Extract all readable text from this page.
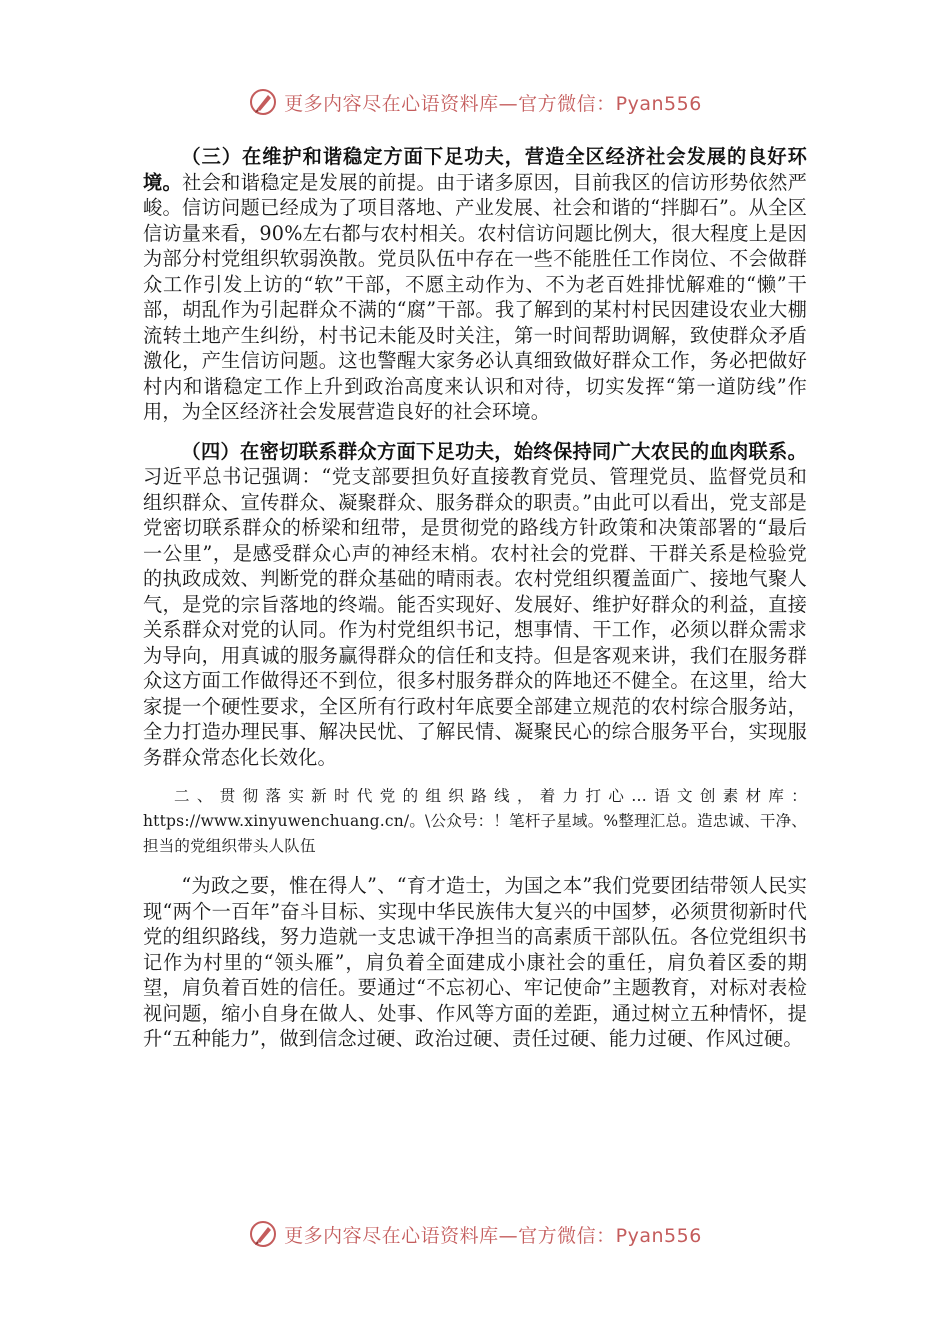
更多内容尽在心语资料库—官方微信：Pyan556

（三）在维护和谐稳定方面下足功夫，营造全区经济社会发展的良好环境。社会和谐稳定是发展的前提。由于诸多原因，目前我区的信访形势依然严峻。信访问题已经成为了项目落地、产业发展、社会和谐的“拌脚石”。从全区信访量来看，90%左右都与农村相关。农村信访问题比例大，很大程度上是因为部分村党组织软弱涣散。党员队伍中存在一些不能胜任工作岗位、不会做群众工作引发上访的“软”干部，不愿主动作为、不为老百姓排忧解难的“懒”干部，胡乱作为引起群众不满的“腐”干部。我了解到的某村村民因建设农业大棚流转土地产生纠纷，村书记未能及时关注，第一时间帮助调解，致使群众矛盾激化，产生信访问题。这也警醒大家务必认真细致做好群众工作，务必把做好村内和谐稳定工作上升到政治高度来认识和对待，切实发挥“第一道防线”作用，为全区经济社会发展营造良好的社会环境。

（四）在密切联系群众方面下足功夫，始终保持同广大农民的血肉联系。习近平总书记强调：“党支部要担负好直接教育党员、管理党员、监督党员和组织群众、宣传群众、凝聚群众、服务群众的职责。”由此可以看出，党支部是党密切联系群众的桥梁和纽带，是贯彻党的路线方针政策和决策部署的“最后一公里”，是感受群众心声的神经末梢。农村社会的党群、干群关系是检验党的执政成效、判断党的群众基础的晴雨表。农村党组织覆盖面广、接地气聚人气，是党的宗旨落地的终端。能否实现好、发展好、维护好群众的利益，直接关系群众对党的认同。作为村党组织书记，想事情、干工作，必须以群众需求为导向，用真诚的服务赢得群众的信任和支持。但是客观来讲，我们在服务群众这方面工作做得还不到位，很多村服务群众的阵地还不健全。在这里，给大家提一个硬性要求，全区所有行政村年底要全部建立规范的农村综合服务站，全力打造办理民事、解决民忧、了解民情、凝聚民心的综合服务平台，实现服务群众常态化长效化。

二、贯彻落实新时代党的组织路线，着力打心…语文创素材库：https://www.xinyuwenchuang.cn/。\公众号：！笔杆子星域。%整理汇总。造忠诚、干净、担当的党组织带头人队伍

“为政之要，惟在得人”、“育才造士，为国之本”我们党要团结带领人民实现“两个一百年”奋斗目标、实现中华民族伟大复兴的中国梦，必须贯彻新时代党的组织路线，努力造就一支忠诚干净担当的高素质干部队伍。各位党组织书记作为村里的“领头雁”，肩负着全面建成小康社会的重任，肩负着区委的期望，肩负着百姓的信任。要通过“不忘初心、牢记使命”主题教育，对标对表检视问题，缩小自身在做人、处事、作风等方面的差距，通过树立五种情怀，提升“五种能力”，做到信念过硬、政治过硬、责任过硬、能力过硬、作风过硬。

更多内容尽在心语资料库—官方微信：Pyan556
